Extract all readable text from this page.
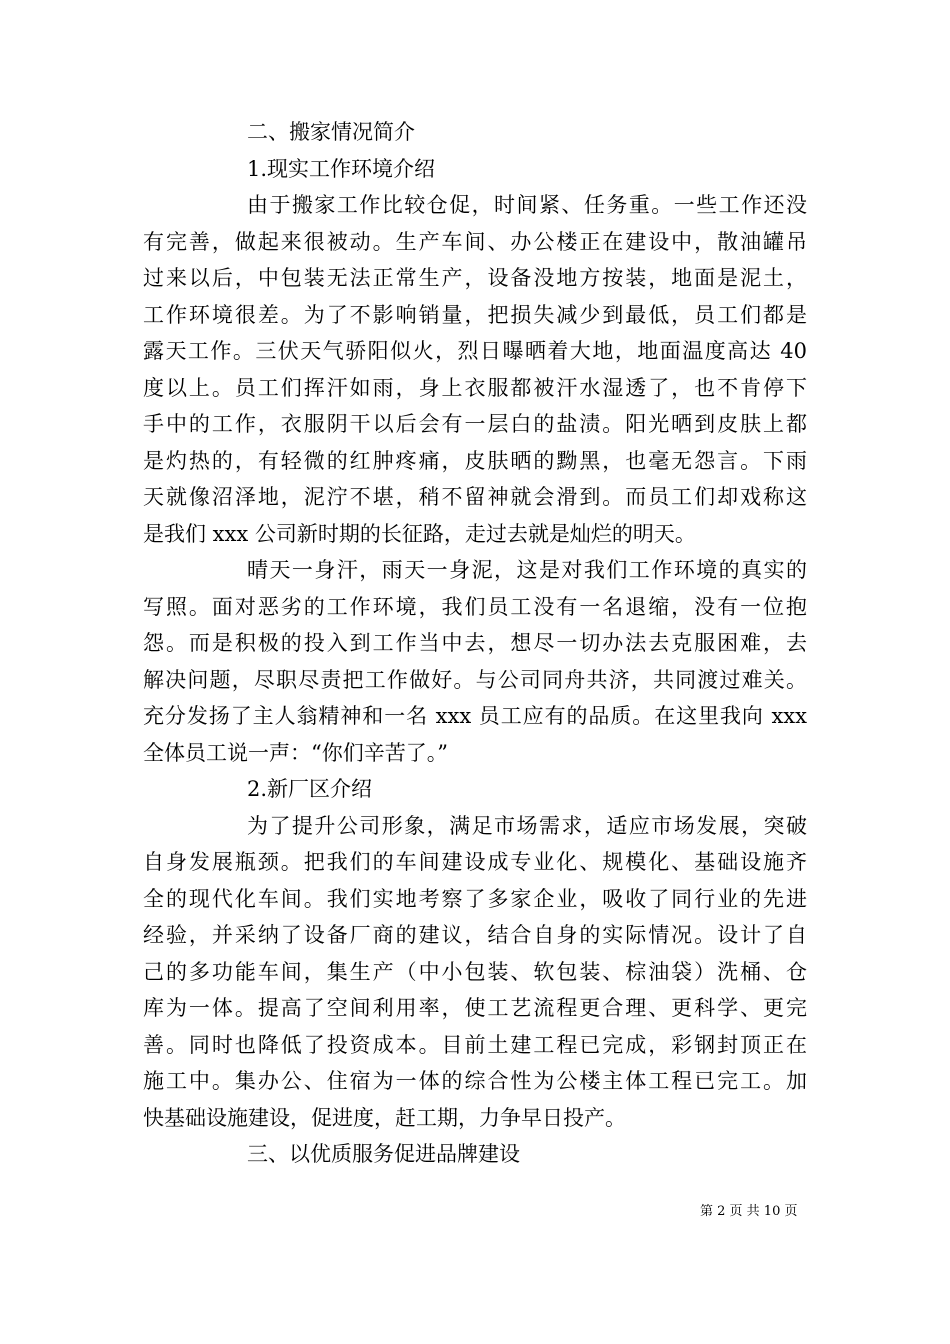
二、搬家情况简介
1.现实工作环境介绍
由于搬家工作比较仓促，时间紧、任务重。一些工作还没
有完善，做起来很被动。生产车间、办公楼正在建设中，散油罐吊
过来以后，中包装无法正常生产，设备没地方按装，地面是泥土，
工作环境很差。为了不影响销量，把损失减少到最低，员工们都是
露天工作。三伏天气骄阳似火，烈日曝晒着大地，地面温度高达 40
度以上。员工们挥汗如雨，身上衣服都被汗水湿透了，也不肯停下
手中的工作，衣服阴干以后会有一层白的盐渍。阳光晒到皮肤上都
是灼热的，有轻微的红肿疼痛，皮肤晒的黝黑，也毫无怨言。下雨
天就像沼泽地，泥泞不堪，稍不留神就会滑到。而员工们却戏称这
是我们 xxx 公司新时期的长征路，走过去就是灿烂的明天。
晴天一身汗，雨天一身泥，这是对我们工作环境的真实的
写照。面对恶劣的工作环境，我们员工没有一名退缩，没有一位抱
怨。而是积极的投入到工作当中去，想尽一切办法去克服困难，去
解决问题，尽职尽责把工作做好。与公司同舟共济，共同渡过难关。
充分发扬了主人翁精神和一名 xxx 员工应有的品质。在这里我向 xxx
全体员工说一声：“你们辛苦了。”
2.新厂区介绍
为了提升公司形象，满足市场需求，适应市场发展，突破
自身发展瓶颈。把我们的车间建设成专业化、规模化、基础设施齐
全的现代化车间。我们实地考察了多家企业，吸收了同行业的先进
经验，并采纳了设备厂商的建议，结合自身的实际情况。设计了自
己的多功能车间，集生产（中小包装、软包装、棕油袋）洗桶、仓
库为一体。提高了空间利用率，使工艺流程更合理、更科学、更完
善。同时也降低了投资成本。目前土建工程已完成，彩钢封顶正在
施工中。集办公、住宿为一体的综合性为公楼主体工程已完工。加
快基础设施建设，促进度，赶工期，力争早日投产。
三、以优质服务促进品牌建设
第 2 页 共 10 页
